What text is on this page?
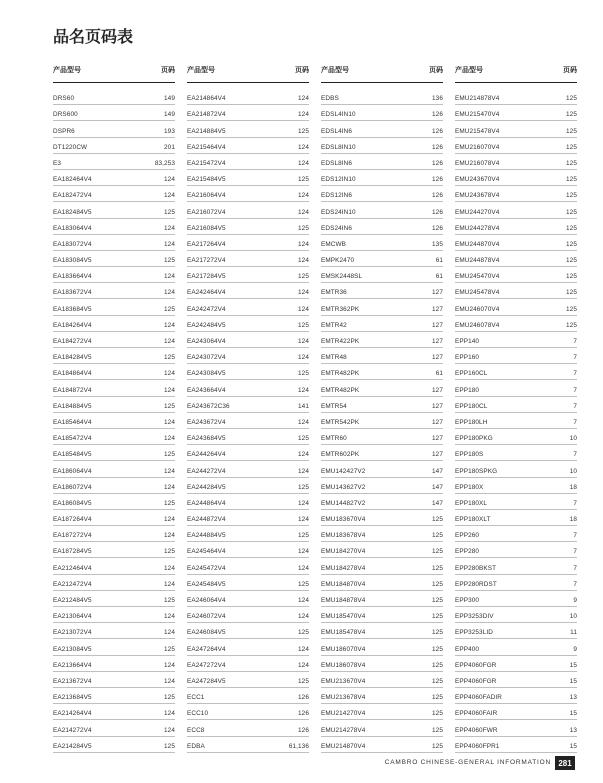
品名页码表
产品型号	页码
DRS60	149
DRS600	149
DSPR6	193
DT1220CW	201
E3	83,253
EA182464V4	124
EA182472V4	124
EA182484V5	125
EA183064V4	124
EA183072V4	124
EA183084V5	125
EA183664V4	124
EA183672V4	124
EA183684V5	125
EA184264V4	124
EA184272V4	124
EA184284V5	125
EA184864V4	124
EA184872V4	124
EA184884V5	125
EA185464V4	124
EA185472V4	124
EA185484V5	125
EA186064V4	124
EA186072V4	124
EA186084V5	125
EA187264V4	124
EA187272V4	124
EA187284V5	125
EA212464V4	124
EA212472V4	124
EA212484V5	125
EA213064V4	124
EA213072V4	124
EA213084V5	125
EA213664V4	124
EA213672V4	124
EA213684V5	125
EA214264V4	124
EA214272V4	124
EA214284V5	125
产品型号	页码
EA214864V4	124
EA214872V4	124
EA214884V5	125
EA215464V4	124
EA215472V4	124
EA215484V5	125
EA216064V4	124
EA216072V4	124
EA216084V5	125
EA217264V4	124
EA217272V4	124
EA217284V5	125
EA242464V4	124
EA242472V4	124
EA242484V5	125
EA243064V4	124
EA243072V4	124
EA243084V5	125
EA243664V4	124
EA243672C36	141
EA243672V4	124
EA243684V5	125
EA244264V4	124
EA244272V4	124
EA244284V5	125
EA244864V4	124
EA244872V4	124
EA244884V5	125
EA245464V4	124
EA245472V4	124
EA245484V5	125
EA246064V4	124
EA246072V4	124
EA246084V5	125
EA247264V4	124
EA247272V4	124
EA247284V5	125
ECC1	126
ECC10	126
ECC8	126
EDBA	61,136
产品型号	页码
EDBS	136
EDSL4IN10	126
EDSL4IN6	126
EDSL8IN10	126
EDSL8IN6	126
EDS12IN10	126
EDS12IN6	126
EDS24IN10	126
EDS24IN6	126
EMCWB	135
EMPK2470	61
EMSK2448SL	61
EMTR36	127
EMTR362PK	127
EMTR42	127
EMTR422PK	127
EMTR48	127
EMTR482PK	61
EMTR482PK	127
EMTR54	127
EMTR542PK	127
EMTR60	127
EMTR602PK	127
EMU142427V2	147
EMU143627V2	147
EMU144827V2	147
EMU183670V4	125
EMU183678V4	125
EMU184270V4	125
EMU184278V4	125
EMU184870V4	125
EMU184878V4	125
EMU185470V4	125
EMU185478V4	125
EMU186070V4	125
EMU186078V4	125
EMU213670V4	125
EMU213678V4	125
EMU214270V4	125
EMU214278V4	125
EMU214870V4	125
产品型号	页码
EMU214878V4	125
EMU215470V4	125
EMU215478V4	125
EMU216070V4	125
EMU216078V4	125
EMU243670V4	125
EMU243678V4	125
EMU244270V4	125
EMU244278V4	125
EMU244870V4	125
EMU244878V4	125
EMU245470V4	125
EMU245478V4	125
EMU246070V4	125
EMU246078V4	125
EPP140	7
EPP160	7
EPP160CL	7
EPP180	7
EPP180CL	7
EPP180LH	7
EPP180PKG	10
EPP180S	7
EPP180SPKG	10
EPP180X	18
EPP180XL	7
EPP180XLT	18
EPP260	7
EPP280	7
EPP280BKST	7
EPP280RDST	7
EPP300	9
EPP3253DIV	10
EPP3253LID	11
EPP400	9
EPP4060FGR	15
EPP4060FGR	15
EPP4060FADIR	13
EPP4060FAIR	15
EPP4060FWR	13
EPP4060FPR1	15
CAMBRO CHINESE-GENERAL INFORMATION 281
